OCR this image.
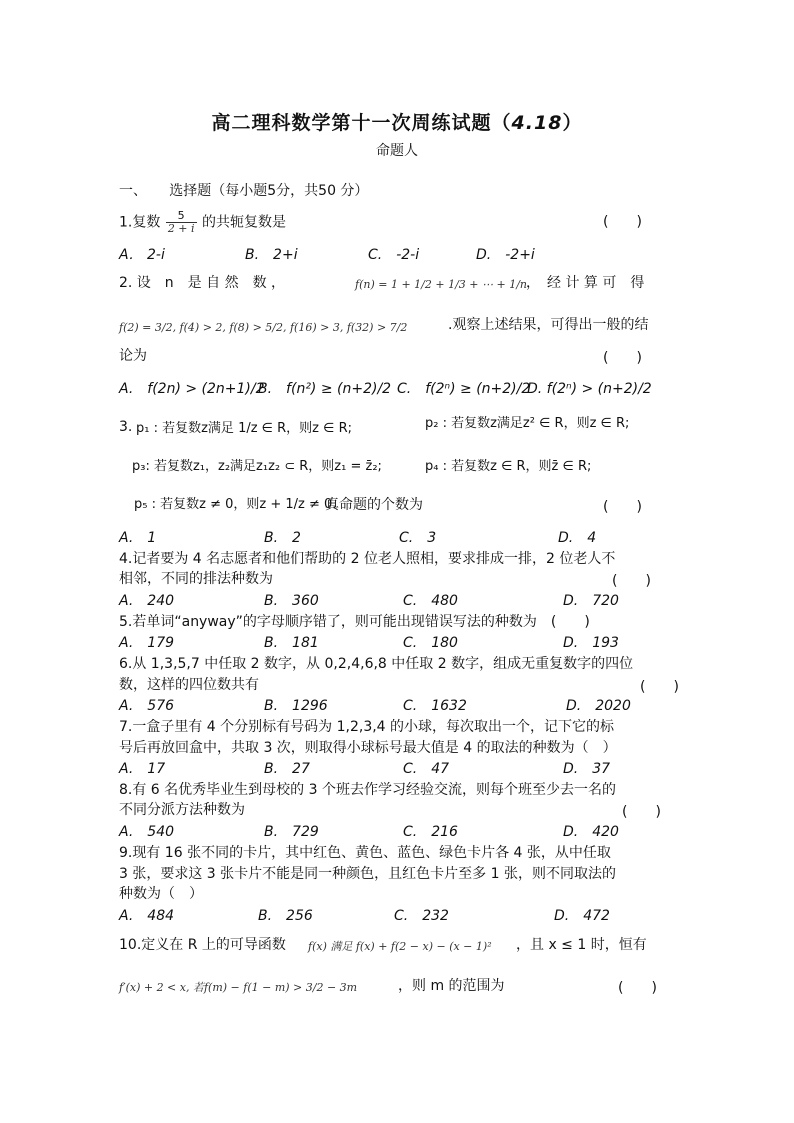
高二理科数学第十一次周练试题（4.18）
命题人
一、 选择题（每小题5分，共50 分）
1.复数 $\frac{5}{2 + i}$ 的共轭复数是	(　　)
A． 2-i	B.　2+i	C.　-2-i	D.　-2+i
2. 设　n　是 自 然　数 ，	f(n) = 1 + 1/2 + 1/3 + ⋯ + 1/n ，　经 计 算 可　得
f(2) = 3/2, f(4) > 2, f(8) > 5/2, f(16) > 3, f(32) > 7/2	.观察上述结果，可得出一般的结
论为	(　　)
A.　f(2n) > (2n+1)/2
B.　f(n²) ≥ (n+2)/2 C.　f(2ⁿ) ≥ (n+2)/2
D. f(2ⁿ) > (n+2)/2
3. p₁ : 若复数z满足 1/z ∈ R，则z ∈ R;	p₂ : 若复数z满足z² ∈ R，则z ∈ R;
p₃: 若复数z₁，z₂满足z₁z₂ ⊂ R，则z₁ = z̄₂;	p₄ : 若复数z ∈ R，则z̄ ∈ R;
p₅ : 若复数z ≠ 0，则z + 1/z ≠ 0.
真命题的个数为	(　　)
A.　1	B.　2	C.　3	D.　4
4.记者要为 4 名志愿者和他们帮助的 2 位老人照相，要求排成一排，2 位老人不
相邻，不同的排法种数为	(　　)
A.　240	B.　360	C.　480	D.　720
5.若单词“anyway”的字母顺序错了，则可能出现错误写法的种数为　(　　)
A.　179	B.　181	C.　180	D.　193
6.从 1,3,5,7 中任取 2 数字，从 0,2,4,6,8 中任取 2 数字，组成无重复数字的四位
数，这样的四位数共有	(　　)
A.　576	B.　1296	C.　1632	D.　2020
7.一盒子里有 4 个分别标有号码为 1,2,3,4 的小球，每次取出一个，记下它的标
号后再放回盒中，共取 3 次，则取得小球标号最大值是 4 的取法的种数为（　）
A.　17	B.　27	C.　47	D.　37
8.有 6 名优秀毕业生到母校的 3 个班去作学习经验交流，则每个班至少去一名的
不同分派方法种数为	(　　)
A.　540	B.　729	C.　216	D.　420
9.现有 16 张不同的卡片，其中红色、黄色、蓝色、绿色卡片各 4 张，从中任取
3 张，要求这 3 张卡片不能是同一种颜色，且红色卡片至多 1 张，则不同取法的
种数为（　）
A.　484	B.　256	C.　232	D.　472
10.定义在 R 上的可导函数 f(x) 满足 f(x) + f(2 − x) − (x − 1)² ，且 x ≤ 1 时，恒有
f′(x) + 2 < x, 若f(m) − f(1 − m) > 3/2 − 3m	，则 m 的范围为	(　　)
